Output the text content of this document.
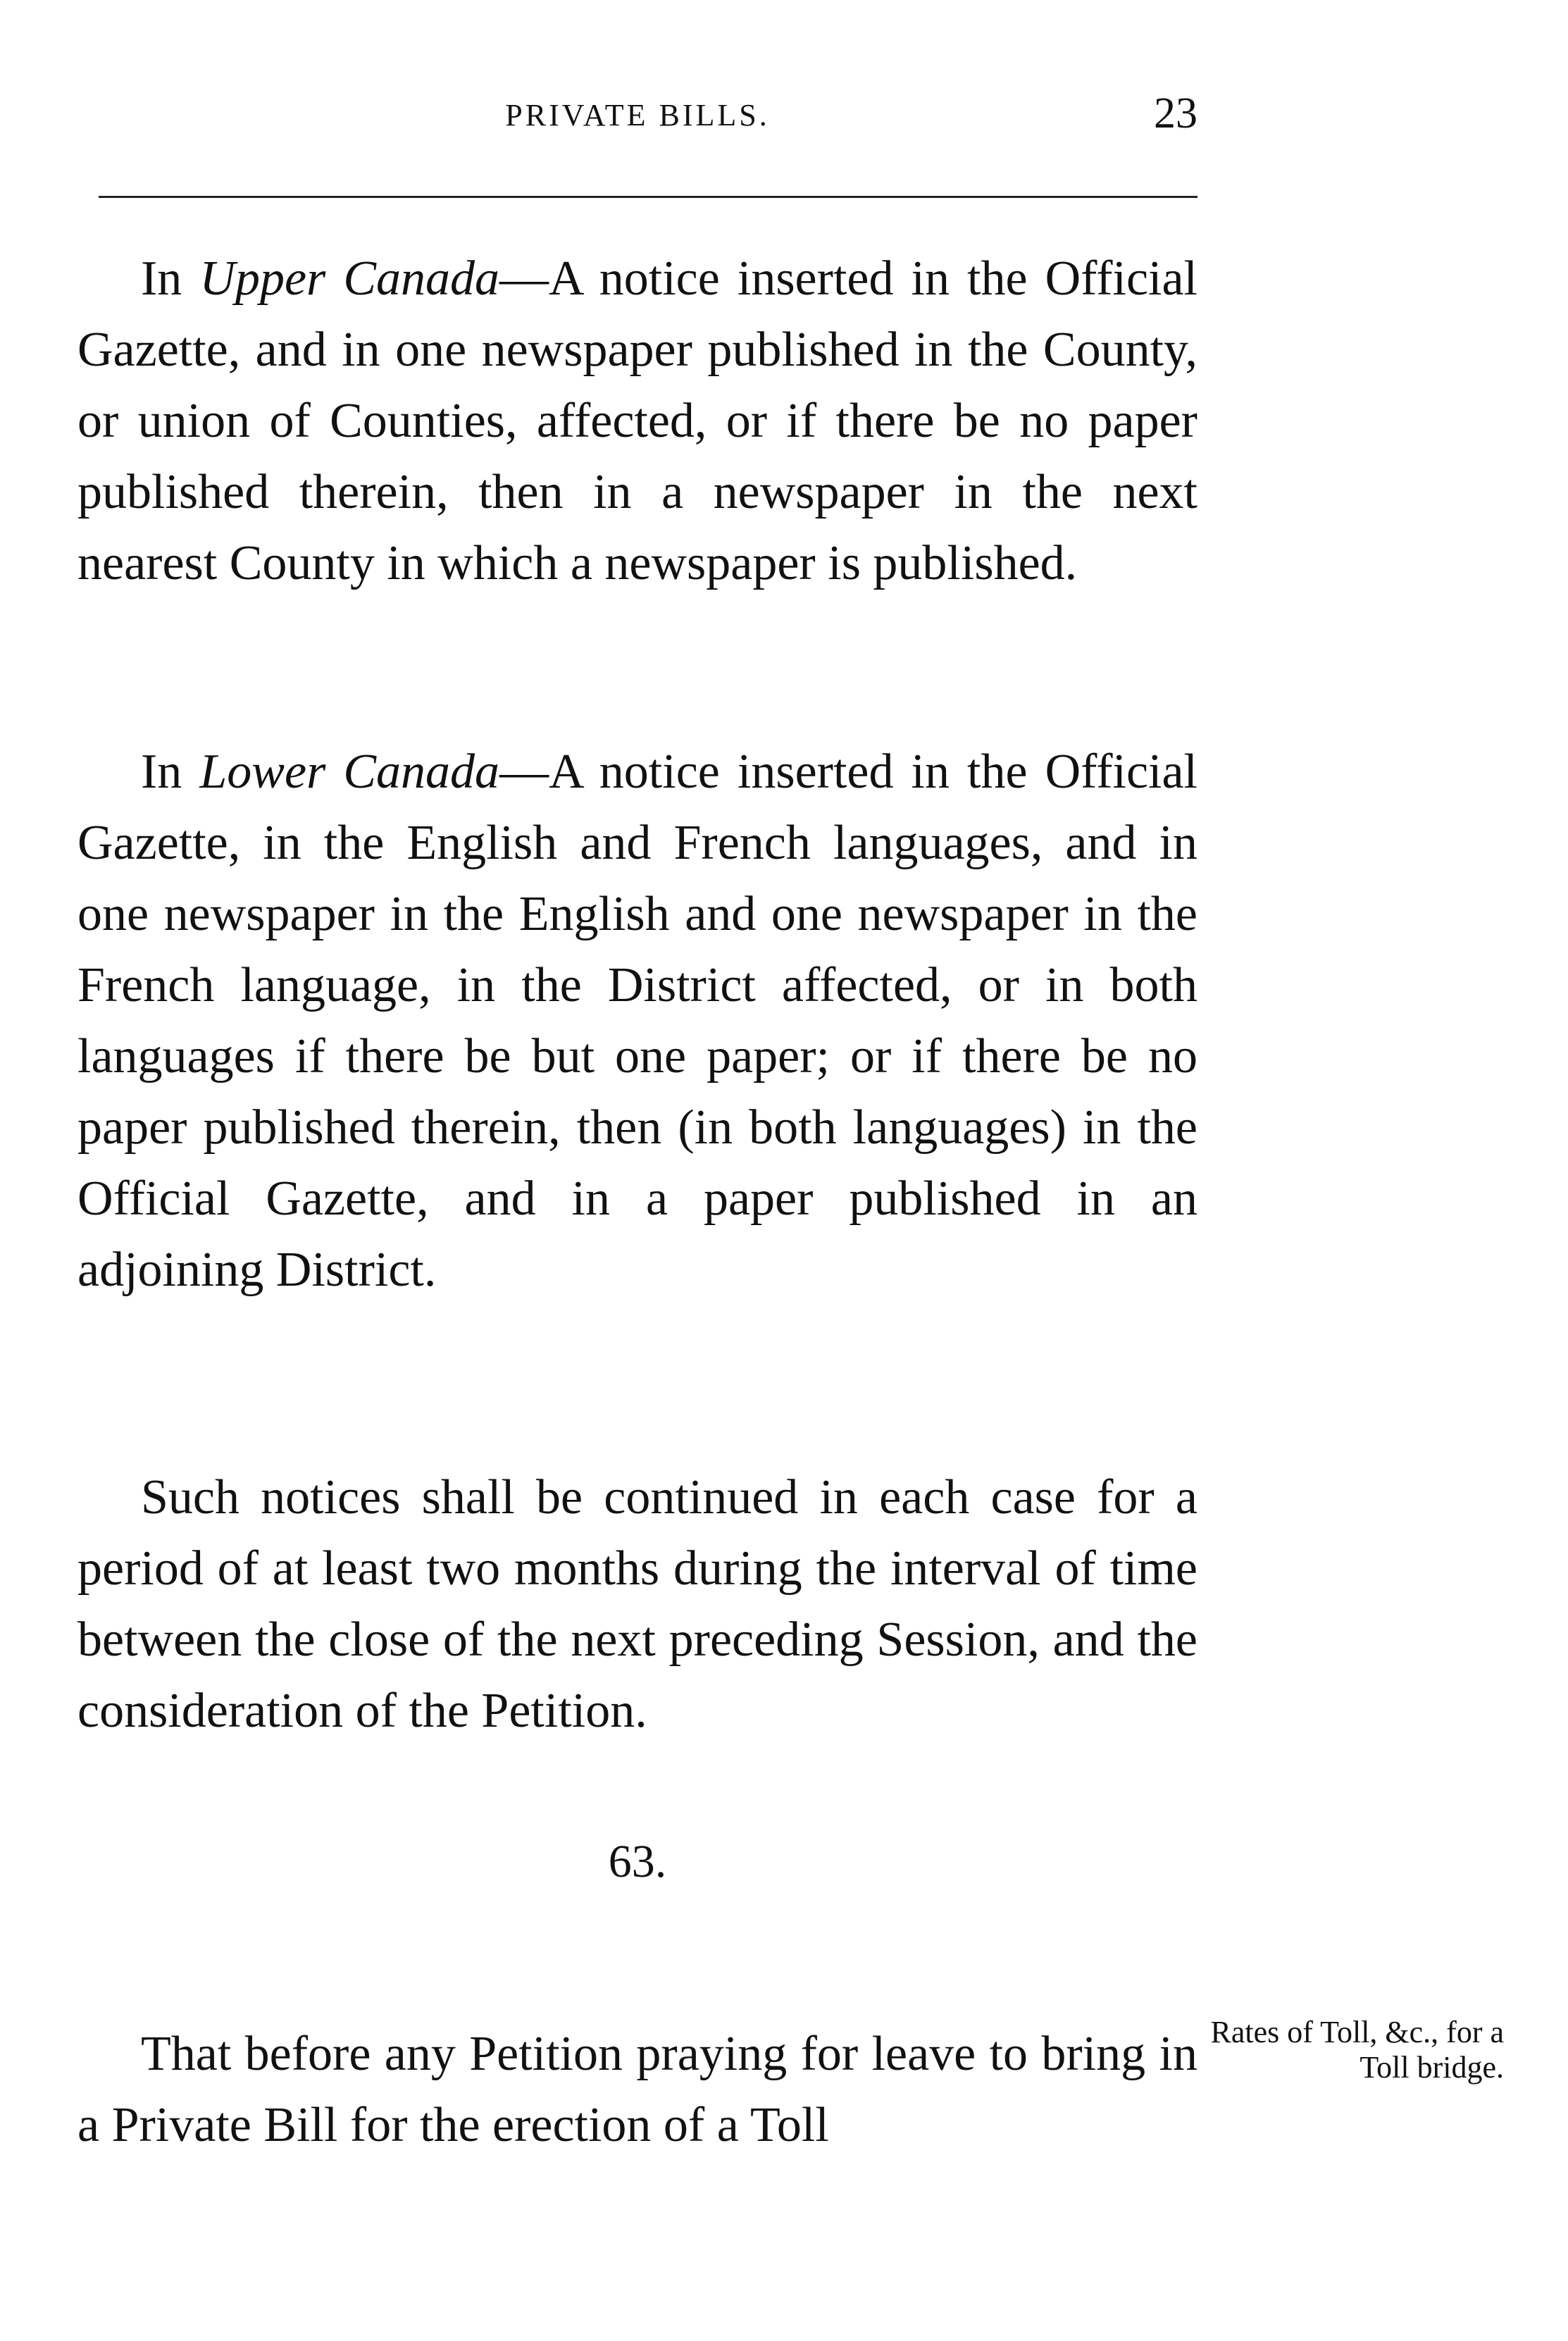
PRIVATE BILLS.	23

In Upper Canada—A notice inserted in the Official Gazette, and in one newspaper published in the County, or union of Counties, affected, or if there be no paper published therein, then in a newspaper in the next nearest County in which a newspaper is published.

In Lower Canada—A notice inserted in the Official Gazette, in the English and French languages, and in one newspaper in the English and one newspaper in the French language, in the District affected, or in both languages if there be but one paper; or if there be no paper published therein, then (in both languages) in the Official Gazette, and in a paper published in an adjoining District.

Such notices shall be continued in each case for a period of at least two months during the interval of time between the close of the next preceding Session, and the consideration of the Petition.

63.

That before any Petition praying for leave to bring in a Private Bill for the erection of a Toll

Rates of Toll, &c., for a Toll bridge.
